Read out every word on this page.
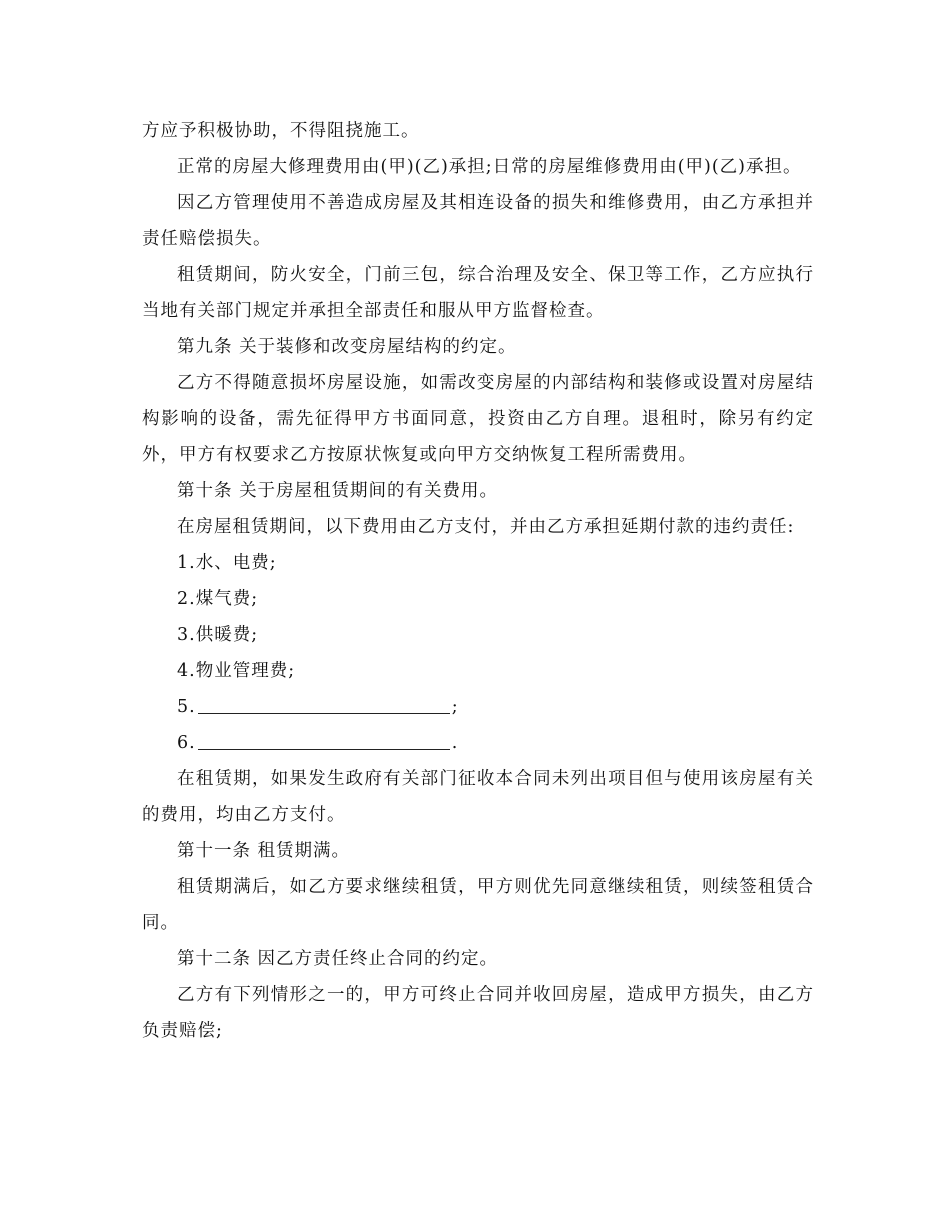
方应予积极协助，不得阻挠施工。

正常的房屋大修理费用由(甲)(乙)承担;日常的房屋维修费用由(甲)(乙)承担。

因乙方管理使用不善造成房屋及其相连设备的损失和维修费用，由乙方承担并责任赔偿损失。

租赁期间，防火安全，门前三包，综合治理及安全、保卫等工作，乙方应执行当地有关部门规定并承担全部责任和服从甲方监督检查。

第九条 关于装修和改变房屋结构的约定。

乙方不得随意损坏房屋设施，如需改变房屋的内部结构和装修或设置对房屋结构影响的设备，需先征得甲方书面同意，投资由乙方自理。退租时，除另有约定外，甲方有权要求乙方按原状恢复或向甲方交纳恢复工程所需费用。

第十条 关于房屋租赁期间的有关费用。

在房屋租赁期间，以下费用由乙方支付，并由乙方承担延期付款的违约责任:

1.水、电费;

2.煤气费;

3.供暖费;

4.物业管理费;

5.	;

6.	.

在租赁期，如果发生政府有关部门征收本合同未列出项目但与使用该房屋有关的费用，均由乙方支付。

第十一条 租赁期满。

租赁期满后，如乙方要求继续租赁，甲方则优先同意继续租赁，则续签租赁合同。

第十二条 因乙方责任终止合同的约定。

乙方有下列情形之一的，甲方可终止合同并收回房屋，造成甲方损失，由乙方负责赔偿;
